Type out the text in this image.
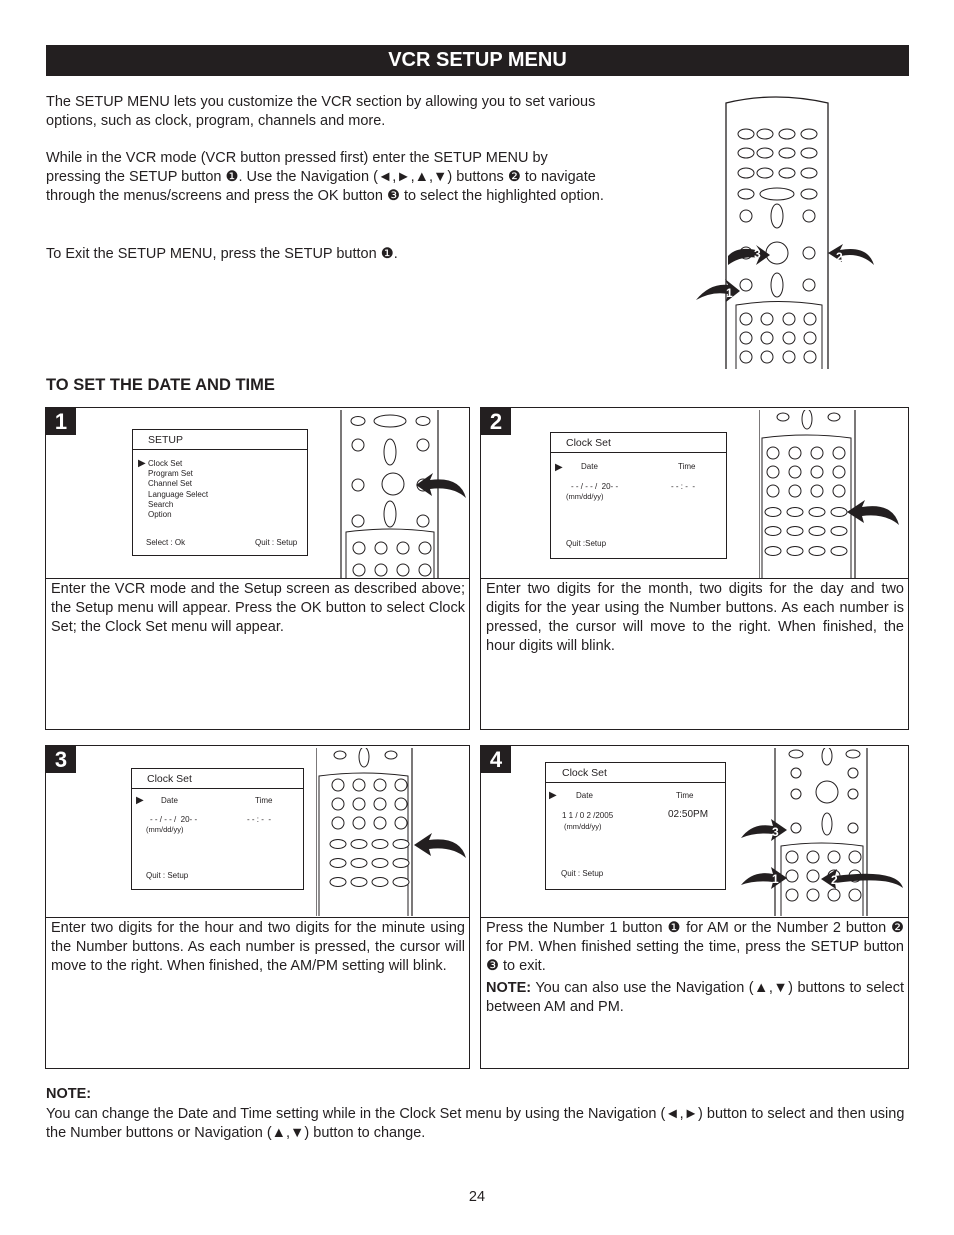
VCR SETUP MENU
The SETUP MENU lets you customize the VCR section by allowing you to set various options, such as clock, program, channels and more.
While in the VCR mode (VCR button pressed first) enter the SETUP MENU by pressing the SETUP button ❶. Use the Navigation (◄,►,▲,▼) buttons ❷ to navigate through the menus/screens and press the OK button ❸ to select the highlighted option.
To Exit the SETUP MENU, press the SETUP button ❶.	3	2
1
TO SET THE DATE AND TIME
1
SETUP
▶ Clock Set
Program Set
Channel Set
Language Select
Search
Option
Select : Ok	Quit : Setup
Enter the VCR mode and the Setup screen as described above; the Setup menu will appear. Press the OK button to select Clock Set; the Clock Set menu will appear.
2
Clock Set
▶ Date	Time
- - / - - /  20- -	- - : -  -
(mm/dd/yy)
Quit :Setup
Enter two digits for the month, two digits for the day and two digits for the year using the Number buttons. As each number is pressed, the cursor will move to the right. When finished, the hour digits will blink.
3
Clock Set
▶ Date	Time
- - / - - /  20- -	- - : -  -
(mm/dd/yy)
Quit : Setup
Enter two digits for the hour and two digits for the minute using the Number buttons. As each number is pressed, the cursor will move to the right. When finished, the AM/PM setting will blink.
4
Clock Set
▶ Date	Time
1 1 / 0 2 /2005	02:50PM
(mm/dd/yy)
Quit : Setup
3
1	2
Press the Number 1 button ❶ for AM or the Number 2 button ❷ for PM. When finished setting the time, press the SETUP button ❸ to exit.
NOTE: You can also use the Navigation (▲,▼) buttons to select between AM and PM.
NOTE:
You can change the Date and Time setting while in the Clock Set menu by using the Navigation (◄,►) button to select and then using the Number buttons or Navigation (▲,▼) button to change.
24
